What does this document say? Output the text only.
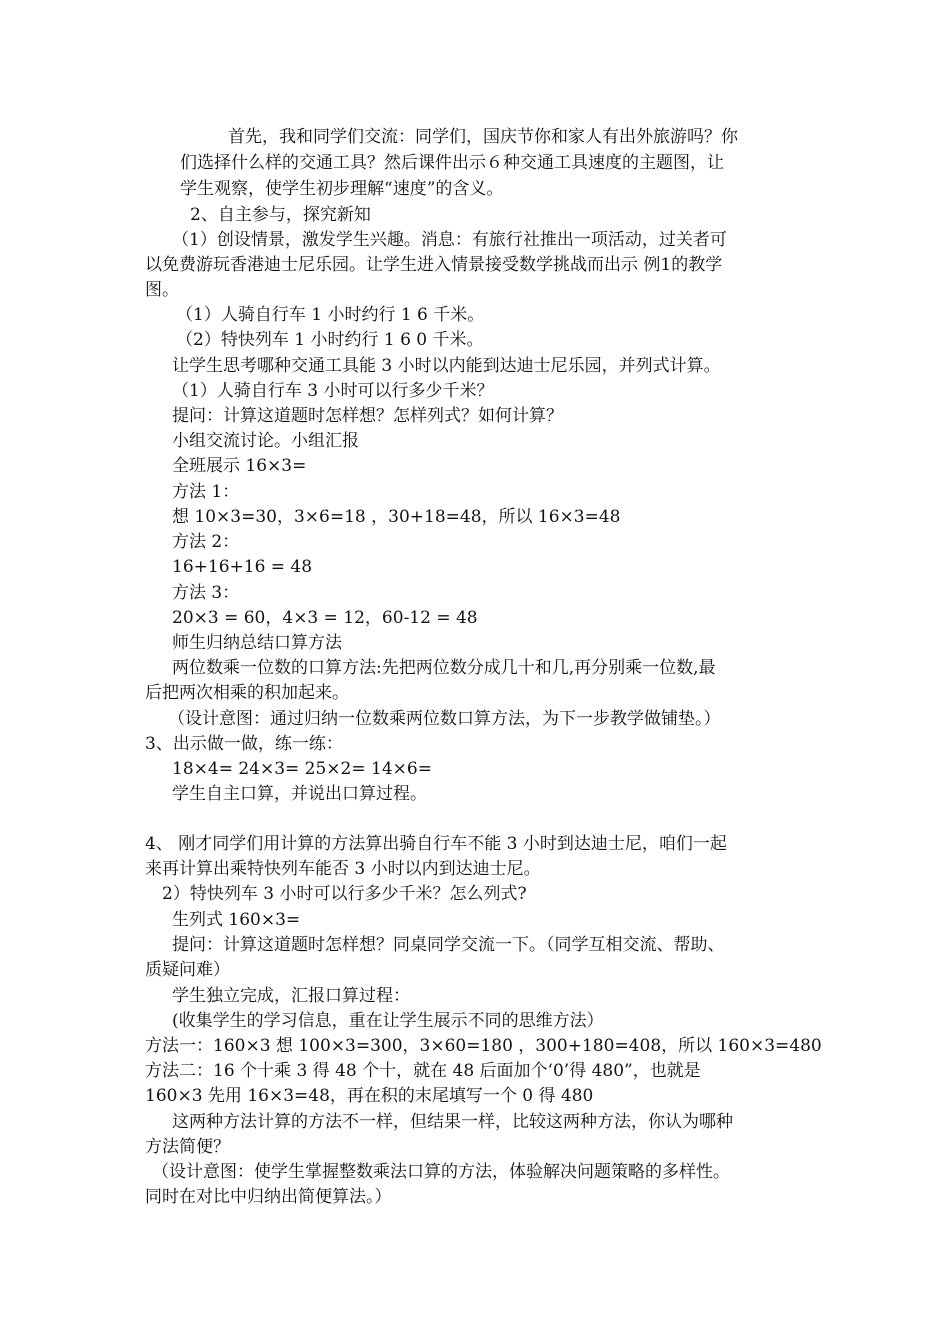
首先，我和同学们交流：同学们，国庆节你和家人有出外旅游吗？你
们选择什么样的交通工具？然后课件出示６种交通工具速度的主题图，让
学生观察，使学生初步理解“速度”的含义。
2、自主参与，探究新知
（1）创设情景，激发学生兴趣。消息：有旅行社推出一项活动，过关者可
以免费游玩香港迪士尼乐园。让学生进入情景接受数学挑战而出示 例1的教学
图。
（1）人骑自行车 1 小时约行 1 6 千米。
（2）特快列车 1 小时约行 1 6 0 千米。
让学生思考哪种交通工具能 3 小时以内能到达迪士尼乐园，并列式计算。
（1）人骑自行车 3 小时可以行多少千米？
提问：计算这道题时怎样想？怎样列式？如何计算？
小组交流讨论。小组汇报
全班展示 16×3=
方法 1：
想 10×3=30，3×6=18 ，30+18=48，所以 16×3=48
方法 2：
16+16+16 = 48
方法 3：
20×3 = 60，4×3 = 12，60-12 = 48
师生归纳总结口算方法
两位数乘一位数的口算方法:先把两位数分成几十和几,再分别乘一位数,最
后把两次相乘的积加起来。
（设计意图：通过归纳一位数乘两位数口算方法，为下一步教学做铺垫。）
3、出示做一做，练一练：
18×4= 24×3= 25×2= 14×6=
学生自主口算，并说出口算过程。
4、 刚才同学们用计算的方法算出骑自行车不能 3 小时到达迪士尼，咱们一起
来再计算出乘特快列车能否 3 小时以内到达迪士尼。
2）特快列车 3 小时可以行多少千米？怎么列式?
生列式 160×3=
提问：计算这道题时怎样想？同桌同学交流一下。（同学互相交流、帮助、
质疑问难）
学生独立完成，汇报口算过程：
(收集学生的学习信息，重在让学生展示不同的思维方法）
方法一：160×3 想 100×3=300，3×60=180 ，300+180=408，所以 160×3=480
方法二：16 个十乘 3 得 48 个十，就在 48 后面加个‘0’得 480”，也就是
160×3 先用 16×3=48，再在积的末尾填写一个 0 得 480
这两种方法计算的方法不一样，但结果一样，比较这两种方法，你认为哪种
方法简便？
（设计意图：使学生掌握整数乘法口算的方法，体验解决问题策略的多样性。
同时在对比中归纳出简便算法。）
